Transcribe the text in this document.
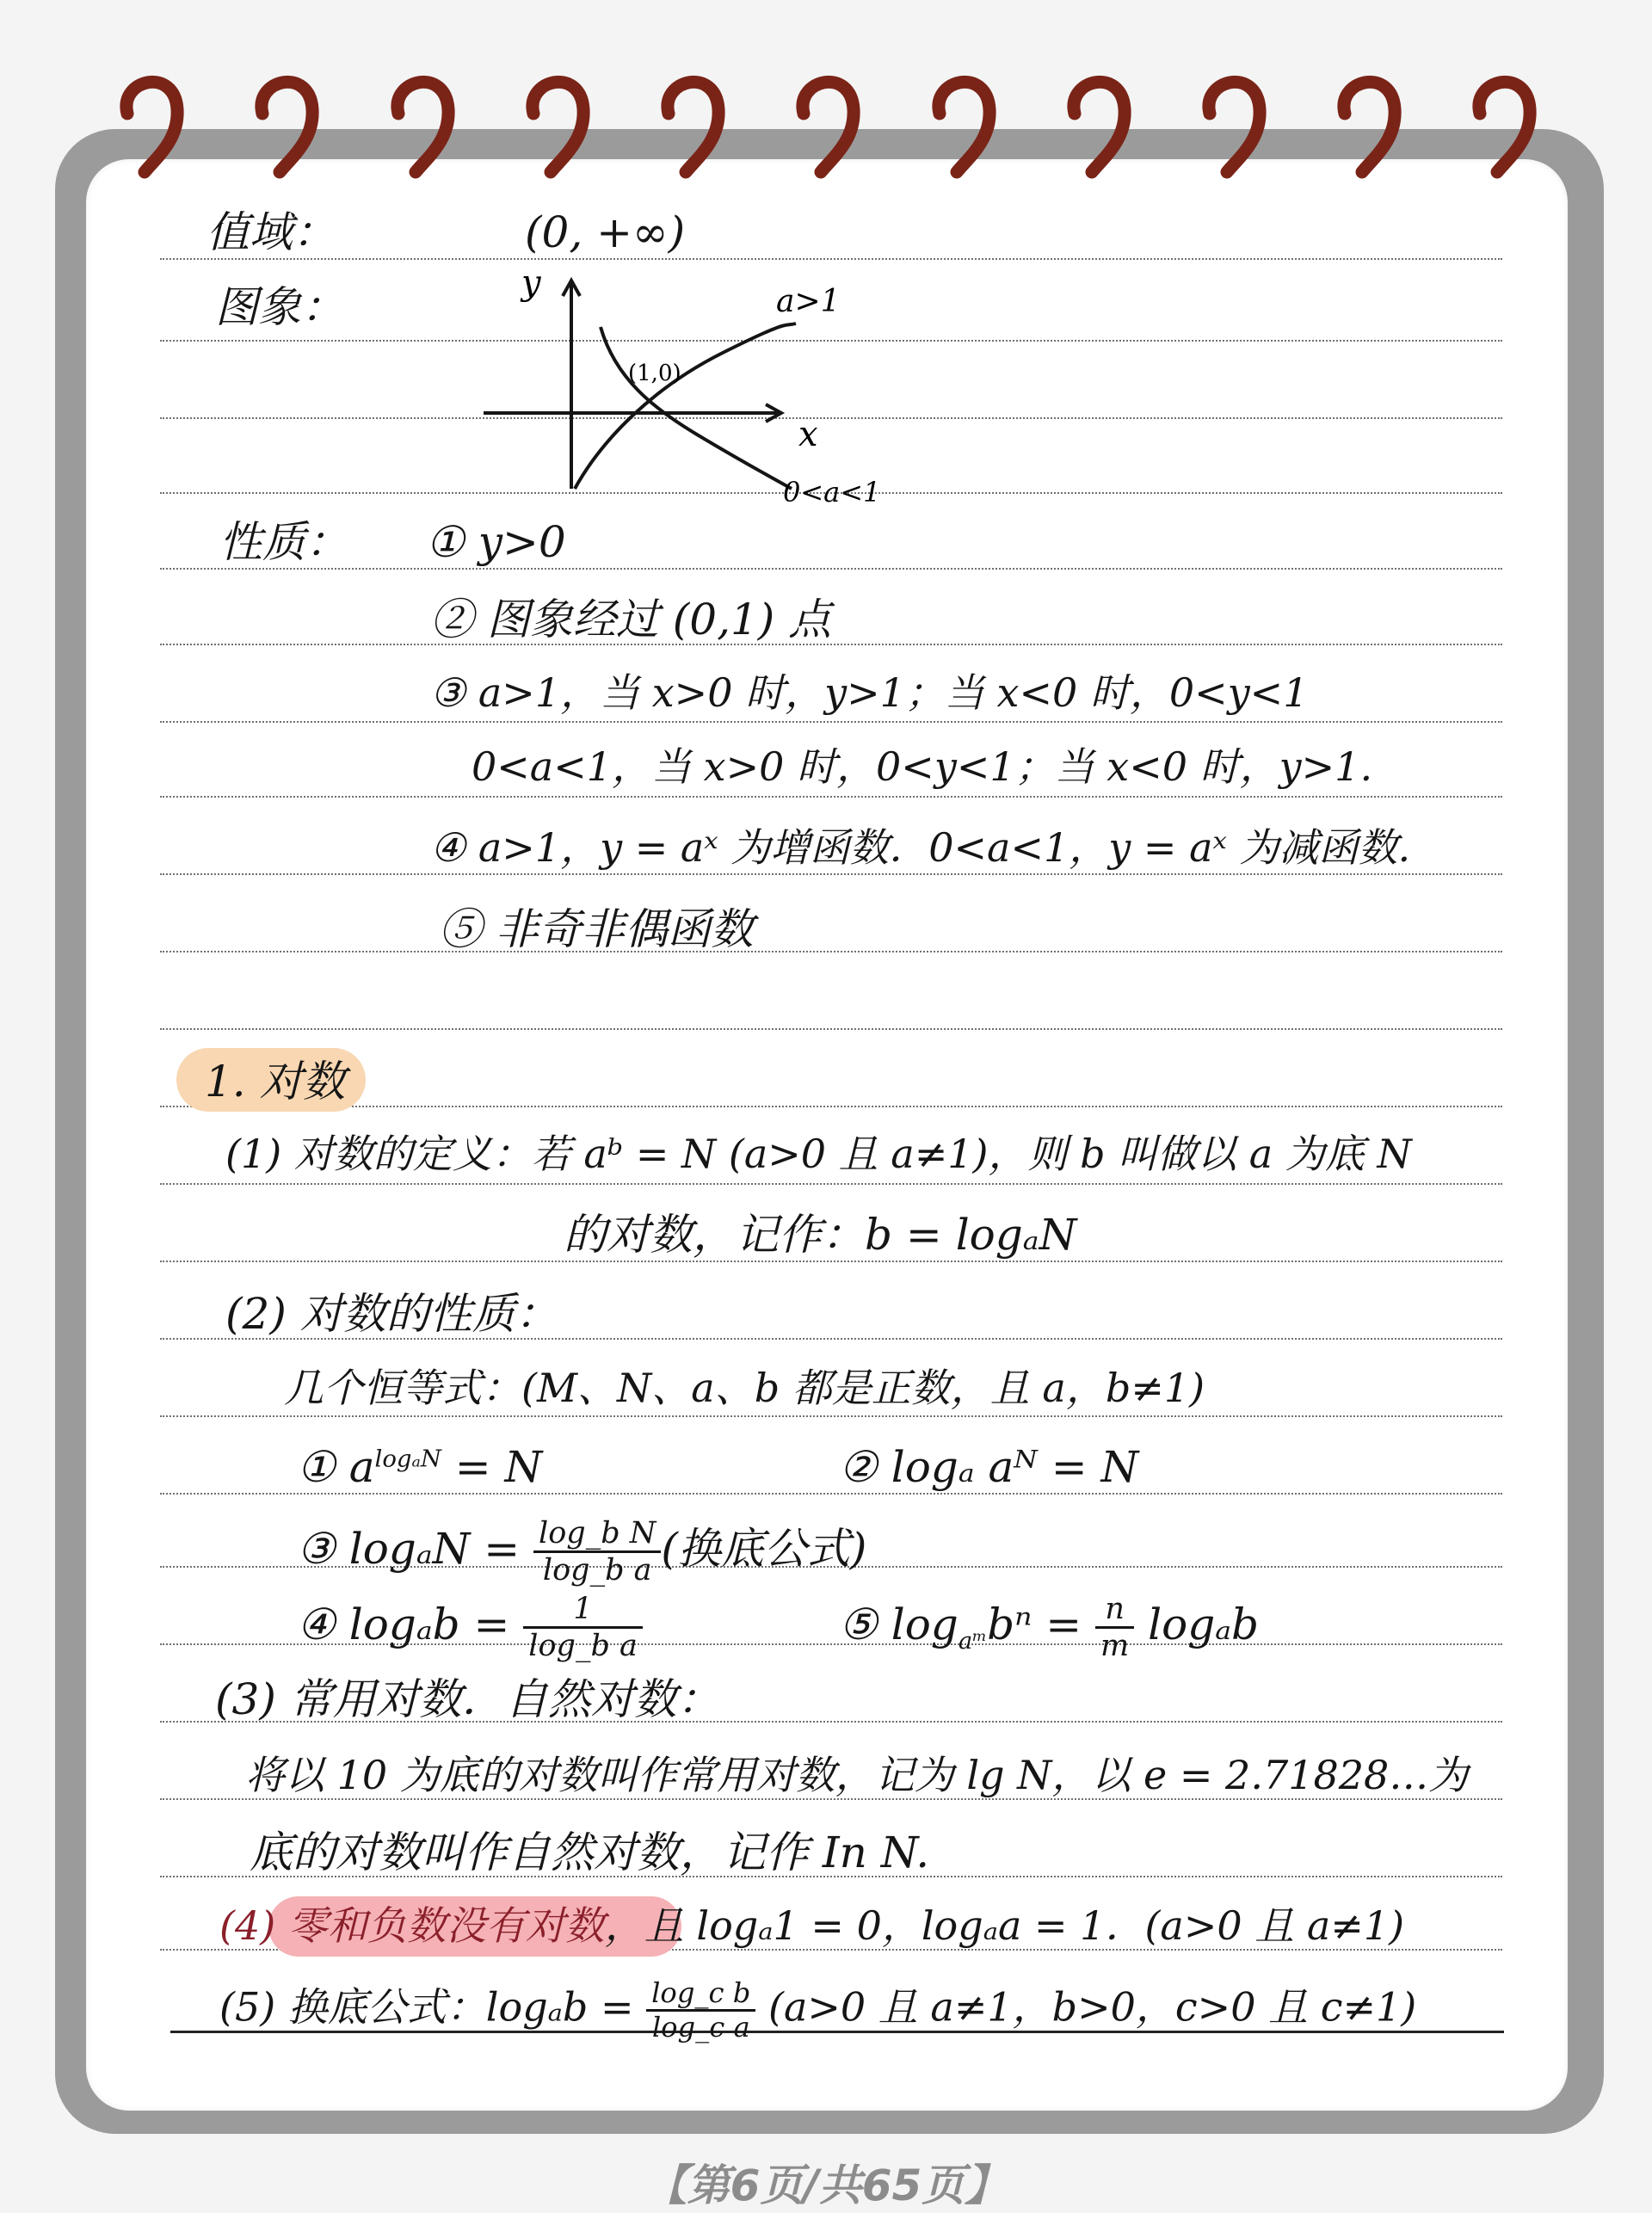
值域：	(0, +∞)
图象：	y
x
(1,0)
a>1
0<a<1
性质： ① y>0
② 图象经过 (0,1) 点
③ a>1，当 x>0 时，y>1；当 x<0 时，0<y<1
0<a<1，当 x>0 时，0<y<1；当 x<0 时，y>1.
④ a>1，y = aˣ 为增函数．0<a<1，y = aˣ 为减函数.
⑤ 非奇非偶函数
1. 对数
(1) 对数的定义：若 aᵇ = N (a>0 且 a≠1)，则 b 叫做以 a 为底 N
的对数，记作：b = logₐN
(2) 对数的性质：
几个恒等式：(M、N、a、b 都是正数，且 a，b≠1)
① $a^{log_aN} = N$	② logₐ aᴺ = N
③ $\log_aN = \frac{\text{log\_b N}}{\text{log\_b a}}$ (换底公式)
④ $\log_ab = \frac{1}{\text{log\_b a}}$	⑤ $\log_{aᵐ}b^n = \frac{n}{m}$ logₐb
(3) 常用对数．自然对数：
将以 10 为底的对数叫作常用对数，记为 lg N，以 e = 2.71828…为
底的对数叫作自然对数，记作 In N.
(4) 零和负数没有对数，且 logₐ1 = 0，logₐa = 1．(a>0 且 a≠1)
(5) 换底公式：$\log_ab = \frac{\text{log\_c b}}{\text{log\_c a}} (a>0$ 且 a≠1，b>0，c>0 且 c≠1)
【第6页/共65页】
